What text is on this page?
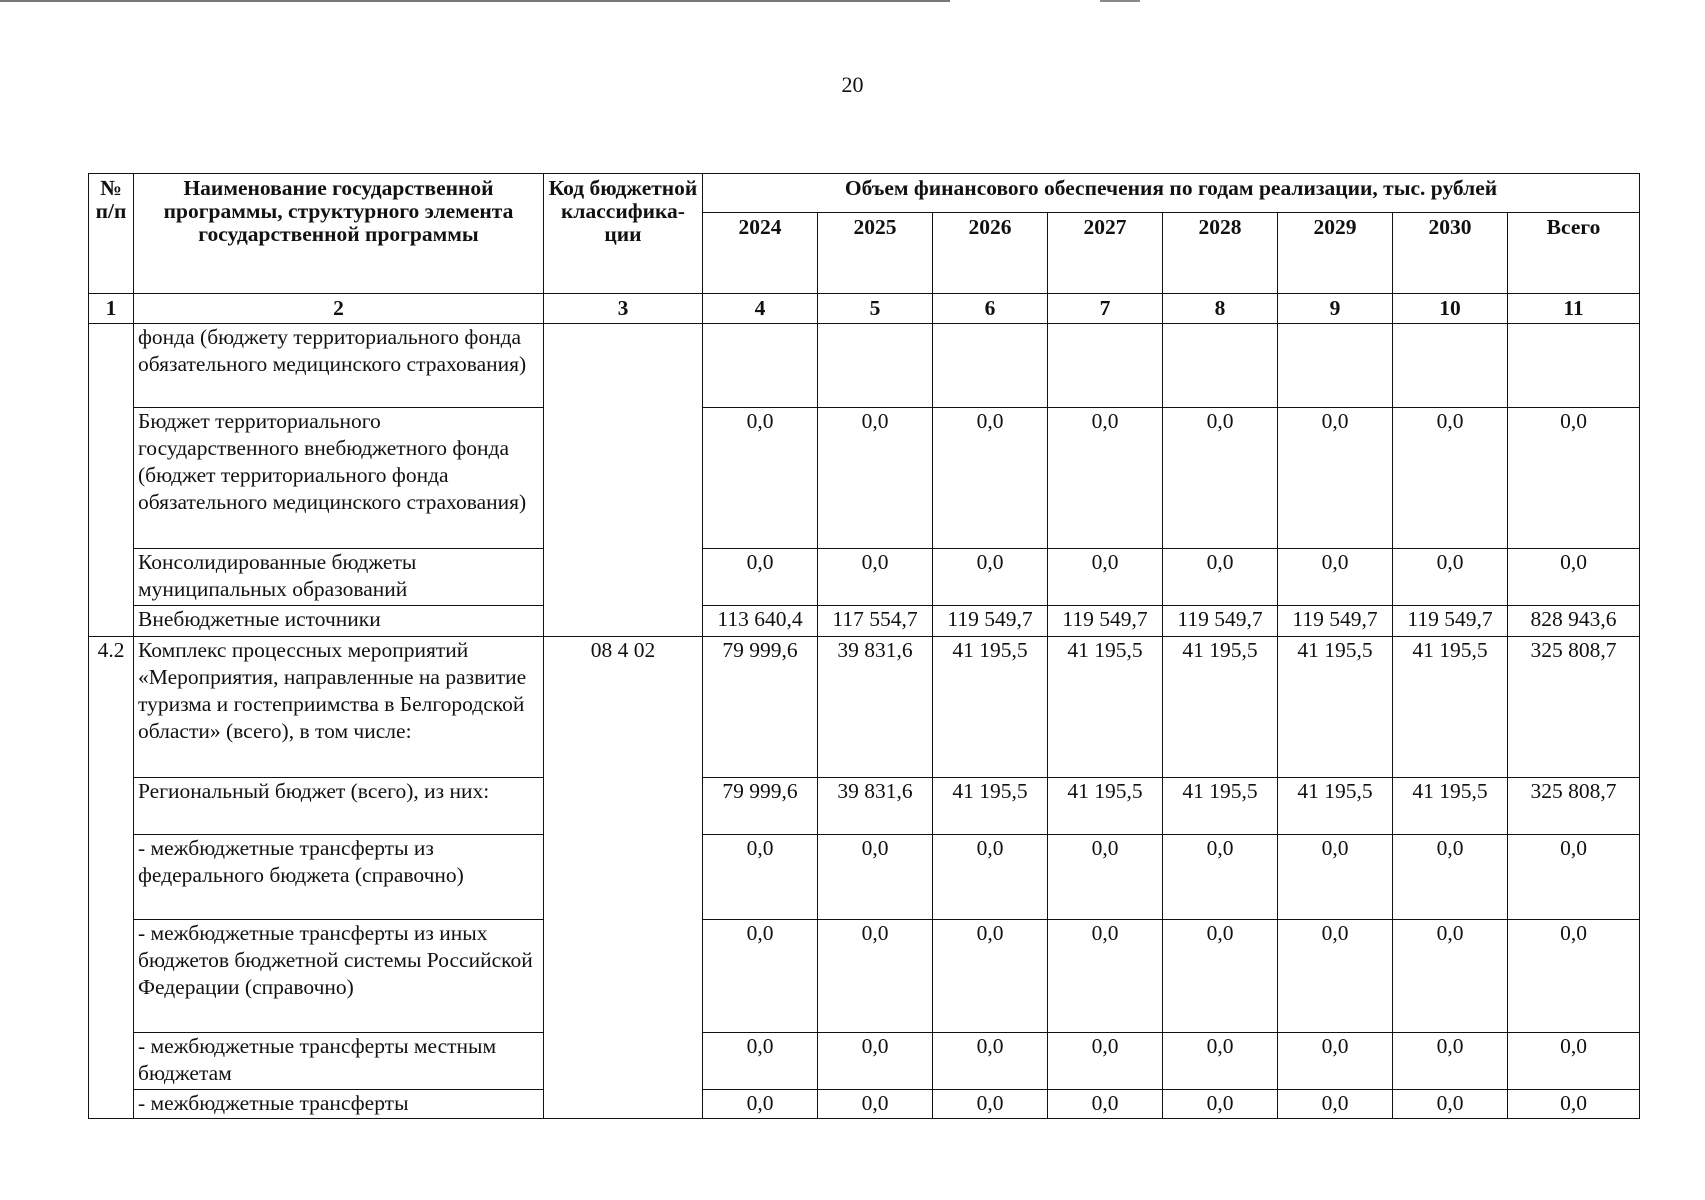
20
№ п/п	Наименование государственной программы, структурного элемента государственной программы	Код бюджетной классифика-ции	Объем финансового обеспечения по годам реализации, тыс. рублей							
			2024	2025	2026	2027	2028	2029	2030	Всего
1	2	3	4	5	6	7	8	9	10	11
	фонда (бюджету территориального фонда обязательного медицинского страхования)									
	Бюджет территориального государственного внебюджетного фонда (бюджет территориального фонда обязательного медицинского страхования)		0,0	0,0	0,0	0,0	0,0	0,0	0,0	0,0
	Консолидированные бюджеты муниципальных образований		0,0	0,0	0,0	0,0	0,0	0,0	0,0	0,0
	Внебюджетные источники		113 640,4	117 554,7	119 549,7	119 549,7	119 549,7	119 549,7	119 549,7	828 943,6
4.2	Комплекс процессных мероприятий «Мероприятия, направленные на развитие туризма и гостеприимства в Белгородской области» (всего), в том числе:	08 4 02	79 999,6	39 831,6	41 195,5	41 195,5	41 195,5	41 195,5	41 195,5	325 808,7
	Региональный бюджет (всего), из них:		79 999,6	39 831,6	41 195,5	41 195,5	41 195,5	41 195,5	41 195,5	325 808,7
	- межбюджетные трансферты из федерального бюджета (справочно)		0,0	0,0	0,0	0,0	0,0	0,0	0,0	0,0
	- межбюджетные трансферты из иных бюджетов бюджетной системы Российской Федерации (справочно)		0,0	0,0	0,0	0,0	0,0	0,0	0,0	0,0
	- межбюджетные трансферты местным бюджетам		0,0	0,0	0,0	0,0	0,0	0,0	0,0	0,0
	- межбюджетные трансферты		0,0	0,0	0,0	0,0	0,0	0,0	0,0	0,0
